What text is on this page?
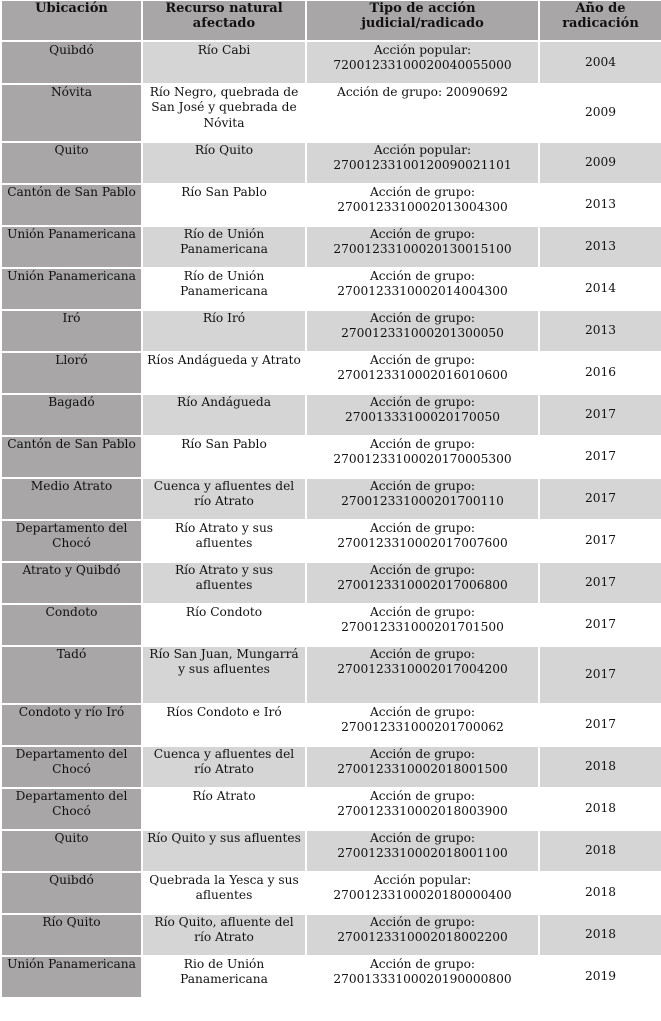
Ubicación	Recurso natural afectado	Tipo de acción judicial/radicado	Año de radicación
Quibdó	Río Cabi	Acción popular: 72001233100020040055000	2004
Nóvita	Río Negro, quebrada de San José y quebrada de Nóvita	Acción de grupo: 20090692	2009
Quito	Río Quito	Acción popular: 27001233100120090021101	2009
Cantón de San Pablo	Río San Pablo	Acción de grupo: 2700123310002013004300	2013
Unión Panamericana	Río de Unión Panamericana	Acción de grupo: 27001233100020130015100	2013
Unión Panamericana	Río de Unión Panamericana	Acción de grupo: 2700123310002014004300	2014
Iró	Río Iró	Acción de grupo: 270012331000201300050	2013
Lloró	Ríos Andágueda y Atrato	Acción de grupo: 2700123310002016010600	2016
Bagadó	Río Andágueda	Acción de grupo: 27001333100020170050	2017
Cantón de San Pablo	Río San Pablo	Acción de grupo: 27001233100020170005300	2017
Medio Atrato	Cuenca y afluentes del río Atrato	Acción de grupo: 270012331000201700110	2017
Departamento del Chocó	Río Atrato y sus afluentes	Acción de grupo: 2700123310002017007600	2017
Atrato y Quibdó	Río Atrato y sus afluentes	Acción de grupo: 2700123310002017006800	2017
Condoto	Río Condoto	Acción de grupo: 270012331000201701500	2017
Tadó	Río San Juan, Mungarrá y sus afluentes	Acción de grupo: 2700123310002017004200	2017
Condoto y río Iró	Ríos Condoto e Iró	Acción de grupo: 270012331000201700062	2017
Departamento del Chocó	Cuenca y afluentes del río Atrato	Acción de grupo: 2700123310002018001500	2018
Departamento del Chocó	Río Atrato	Acción de grupo: 2700123310002018003900	2018
Quito	Río Quito y sus afluentes	Acción de grupo: 2700123310002018001100	2018
Quibdó	Quebrada la Yesca y sus afluentes	Acción popular: 27001233100020180000400	2018
Río Quito	Río Quito, afluente del río Atrato	Acción de grupo: 2700123310002018002200	2018
Unión Panamericana	Rio de Unión Panamericana	Acción de grupo: 27001333100020190000800	2019
